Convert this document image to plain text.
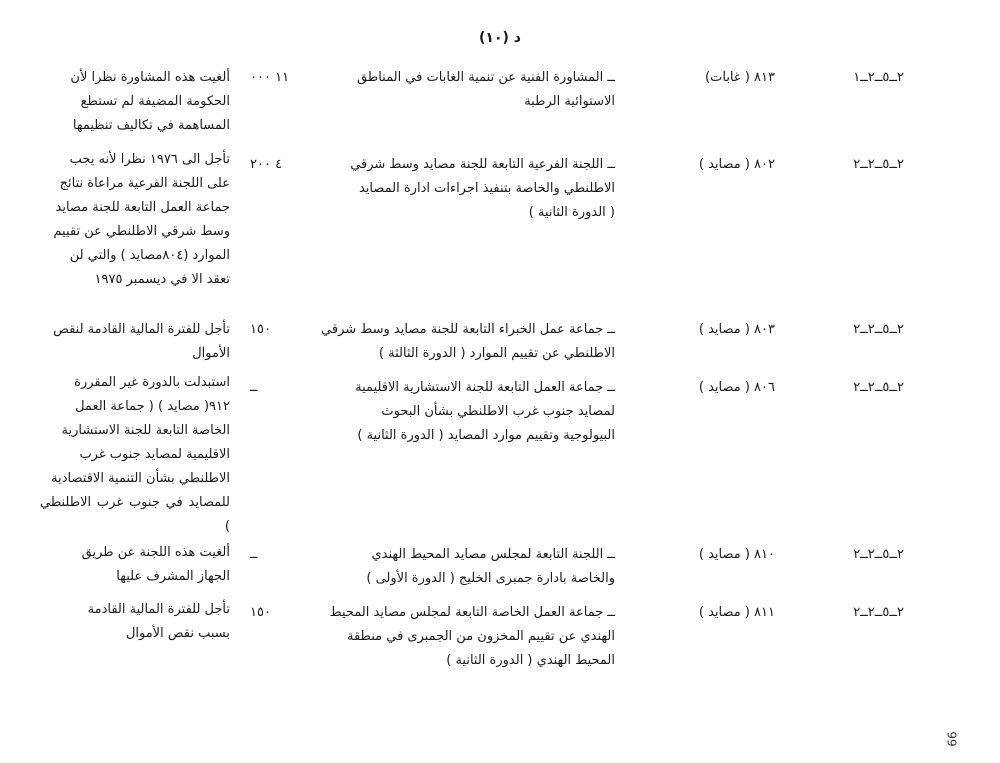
د (١٠)
٢ــ٥ــ٢ــ١
٨١٣ ( غابات)
ــ المشاورة الفنية عن تنمية الغابات في المناطق
الاستوائية الرطبة
١١ ٠٠٠
ألغيت هذه المشاورة نظرا لأن
الحكومة المضيفة لم تستطع
المساهمة في تكاليف تنظيمها
٢ــ٥ــ٢ــ٢
٨٠٢ ( مصايد )
ــ اللجنة الفرعية التابعة للجنة مصايد وسط شرقي
الاطلنطي والخاصة بتنفيذ اجراءات ادارة المصايد
( الدورة الثانية )
٤ ٢٠٠
تأجل الى ١٩٧٦ نظرا لأنه يجب
على اللجنة الفرعية مراعاة نتائج
جماعة العمل التابعة للجنة مصايد
وسط شرقي الاطلنطي عن تقييم
الموارد (٨٠٤مصايد ) والتي لن
تعقد الا في ديسمبر ١٩٧٥
٢ــ٥ــ٢ــ٢
٨٠٣ ( مصايد )
ــ جماعة عمل الخبراء التابعة للجنة مصايد وسط شرقي
الاطلنطي عن تقييم الموارد ( الدورة الثالثة )
١٥٠
تأجل للفترة المالية القادمة لنقص
الأموال
٢ــ٥ــ٢ــ٢
٨٠٦ ( مصايد )
ــ جماعة العمل التابعة للجنة الاستشارية الاقليمية
لمصايد جنوب غرب الاطلنطي بشأن البحوث
البيولوجية وتقييم موارد المصايد ( الدورة الثانية )
ــ
استبدلت بالدورة غير المقررة
٩١٢( مصايد ) ( جماعة العمل
الخاصة التابعة للجنة الاستشارية
الاقليمية لمصايد جنوب غرب
الاطلنطي بشأن التنمية الاقتصادية
للمصايد في جنوب غرب الاطلنطي )
٢ــ٥ــ٢ــ٢
٨١٠ ( مصايد )
ــ اللجنة التابعة لمجلس مصايد المحيط الهندي
والخاصة بادارة جمبرى الخليج ( الدورة الأولى )
ــ
ألغيت هذه اللجنة عن طريق
الجهاز المشرف عليها
٢ــ٥ــ٢ــ٢
٨١١ ( مصايد )
ــ جماعة العمل الخاصة التابعة لمجلس مصايد المحيط
الهندي عن تقييم المخزون من الجمبرى في منطقة
المحيط الهندي ( الدورة الثانية )
١٥٠
تأجل للفترة المالية القادمة
بسبب نقص الأموال
99
